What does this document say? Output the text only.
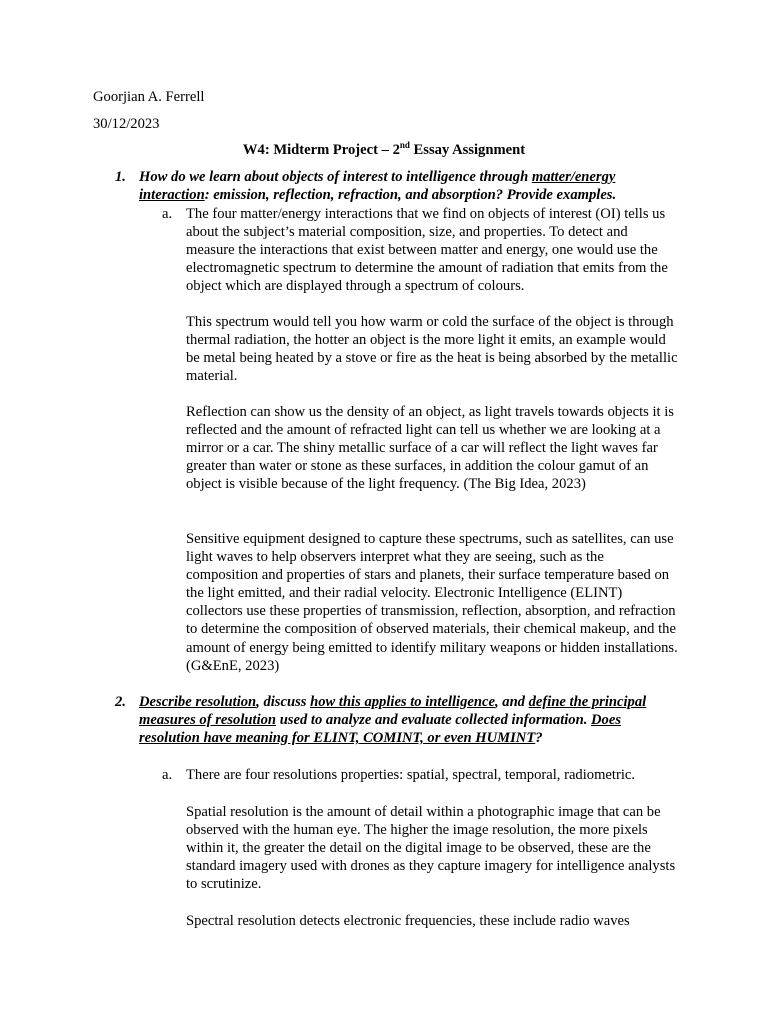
Goorjian A. Ferrell
30/12/2023
W4: Midterm Project – 2nd Essay Assignment
1. How do we learn about objects of interest to intelligence through matter/energy interaction: emission, reflection, refraction, and absorption? Provide examples.
a. The four matter/energy interactions that we find on objects of interest (OI) tells us about the subject’s material composition, size, and properties. To detect and measure the interactions that exist between matter and energy, one would use the electromagnetic spectrum to determine the amount of radiation that emits from the object which are displayed through a spectrum of colours.
This spectrum would tell you how warm or cold the surface of the object is through thermal radiation, the hotter an object is the more light it emits, an example would be metal being heated by a stove or fire as the heat is being absorbed by the metallic material.
Reflection can show us the density of an object, as light travels towards objects it is reflected and the amount of refracted light can tell us whether we are looking at a mirror or a car. The shiny metallic surface of a car will reflect the light waves far greater than water or stone as these surfaces, in addition the colour gamut of an object is visible because of the light frequency. (The Big Idea, 2023)
Sensitive equipment designed to capture these spectrums, such as satellites, can use light waves to help observers interpret what they are seeing, such as the composition and properties of stars and planets, their surface temperature based on the light emitted, and their radial velocity. Electronic Intelligence (ELINT) collectors use these properties of transmission, reflection, absorption, and refraction to determine the composition of observed materials, their chemical makeup, and the amount of energy being emitted to identify military weapons or hidden installations. (G&EnE, 2023)
2. Describe resolution, discuss how this applies to intelligence, and define the principal measures of resolution used to analyze and evaluate collected information. Does resolution have meaning for ELINT, COMINT, or even HUMINT?
a. There are four resolutions properties: spatial, spectral, temporal, radiometric.
Spatial resolution is the amount of detail within a photographic image that can be observed with the human eye. The higher the image resolution, the more pixels within it, the greater the detail on the digital image to be observed, these are the standard imagery used with drones as they capture imagery for intelligence analysts to scrutinize.
Spectral resolution detects electronic frequencies, these include radio waves
